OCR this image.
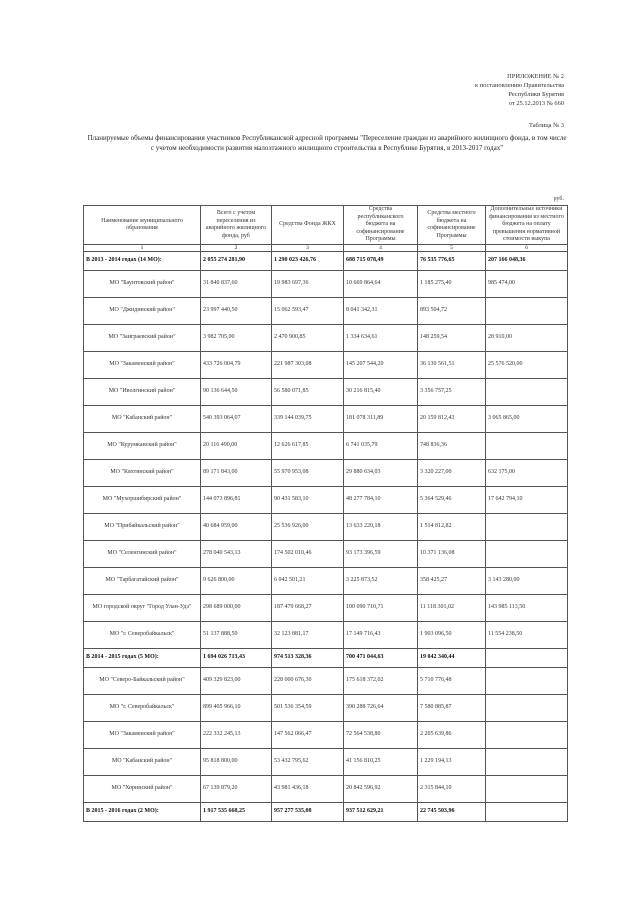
ПРИЛОЖЕНИЕ № 2
к постановлению Правительства
Республики Бурятия
от 25.12.2013 № 660
Таблица № 3
Планируемые объемы финансирования участников Республиканской адресной программы "Переселение граждан из аварийного жилищного фонда, в том числе с учетом необходимости развития малоэтажного жилищного строительства в Республике Бурятия, в 2013-2017 годах"
руб.
Наименование муниципального образования	Всего с учетом переселения из аварийного жилищного фонда, руб	Средства Фонда ЖКХ	Средства республиканского бюджета на софинансирование Программы	Средства местного бюджета на софинансирование Программы	Дополнительные источники финансирования из местного бюджета на оплату превышения нормативной стоимости выкупа
1	2	3	4	5	6
В 2013 - 2014 годах (14 МО):	2 055 274 281,90	1 290 023 426,76	688 715 078,49	76 535 776,65	207 166 048,36
МО "Баунтовский район"	31 840 837,60	19 983 697,36	10 669 864,64	1 185 275,40	985 474,00
МО "Джидинский район"	23 997 440,50	15 062 593,47	8 041 342,31	893 504,72	
МО "Заиграевский район"	3 982 705,00	2 470 900,85	1 334 634,61	148 259,54	28 910,00
МО "Закаменский район"	433 726 004,79	221 987 303,08	145 207 544,20	36 130 561,51	25 576 520,00
МО "Иволгинский район"	90 136 644,50	56 580 071,85	30 216 815,40	3 356 757,25	
МО "Кабанский район"	540 393 064,07	339 144 039,75	181 078 311,89	20 159 812,43	3 065 865,00
МО "Курумканский район"	20 116 490,00	12 626 617,85	6 741 035,79	748 836,36	
МО "Кяхтинский район"	89 171 843,00	55 970 953,08	29 880 634,03	3 320 227,00	632 175,00
МО "Мухоршибирский район"	144 073 896,81	90 431 583,10	48 277 784,10	5 364 529,46	17 642 794,10
МО "Прибайкальский район"	40 684 959,00	25 536 926,00	13 633 220,18	1 514 812,82	
МО "Селенгинский район"	278 040 543,13	174 502 010,46	93 173 396,59	10 371 136,08	
МО "Тарбагатайский район"	9 626 800,00	6 042 501,21	3 225 873,52	358 425,27	3 143 280,00
МО городской округ "Город Улан-Удэ"	298 689 000,00	187 479 668,27	100 090 710,71	11 118 301,02	143 985 113,50
МО "г. Северобайкальск"	51 137 888,50	32 123 881,17	17 149 716,43	1 903 096,50	11 554 238,50
В 2014 - 2015 годах (5 МО):	1 694 026 713,43	974 513 328,36	700 471 044,63	19 042 340,44	
МО "Северо-Байкальский район"	409 329 823,00	228 000 676,30	175 618 372,02	5 710 776,48	
МО "г. Северобайкальск"	899 405 966,10	501 536 354,59	390 288 726,64	7 580 885,87	
МО "Закаменский район"	222 332 245,13	147 562 066,47	72 564 538,80	2 205 639,86	
МО "Кабанский район"	95 818 800,00	53 432 795,62	41 156 810,25	1 229 194,13	
МО "Хоринский район"	67 139 879,20	43 981 436,18	20 842 596,92	2 315 844,10	
В 2015 - 2016 годах (2 МО):	1 917 535 668,25	957 277 535,08	937 512 629,21	22 745 503,96	
